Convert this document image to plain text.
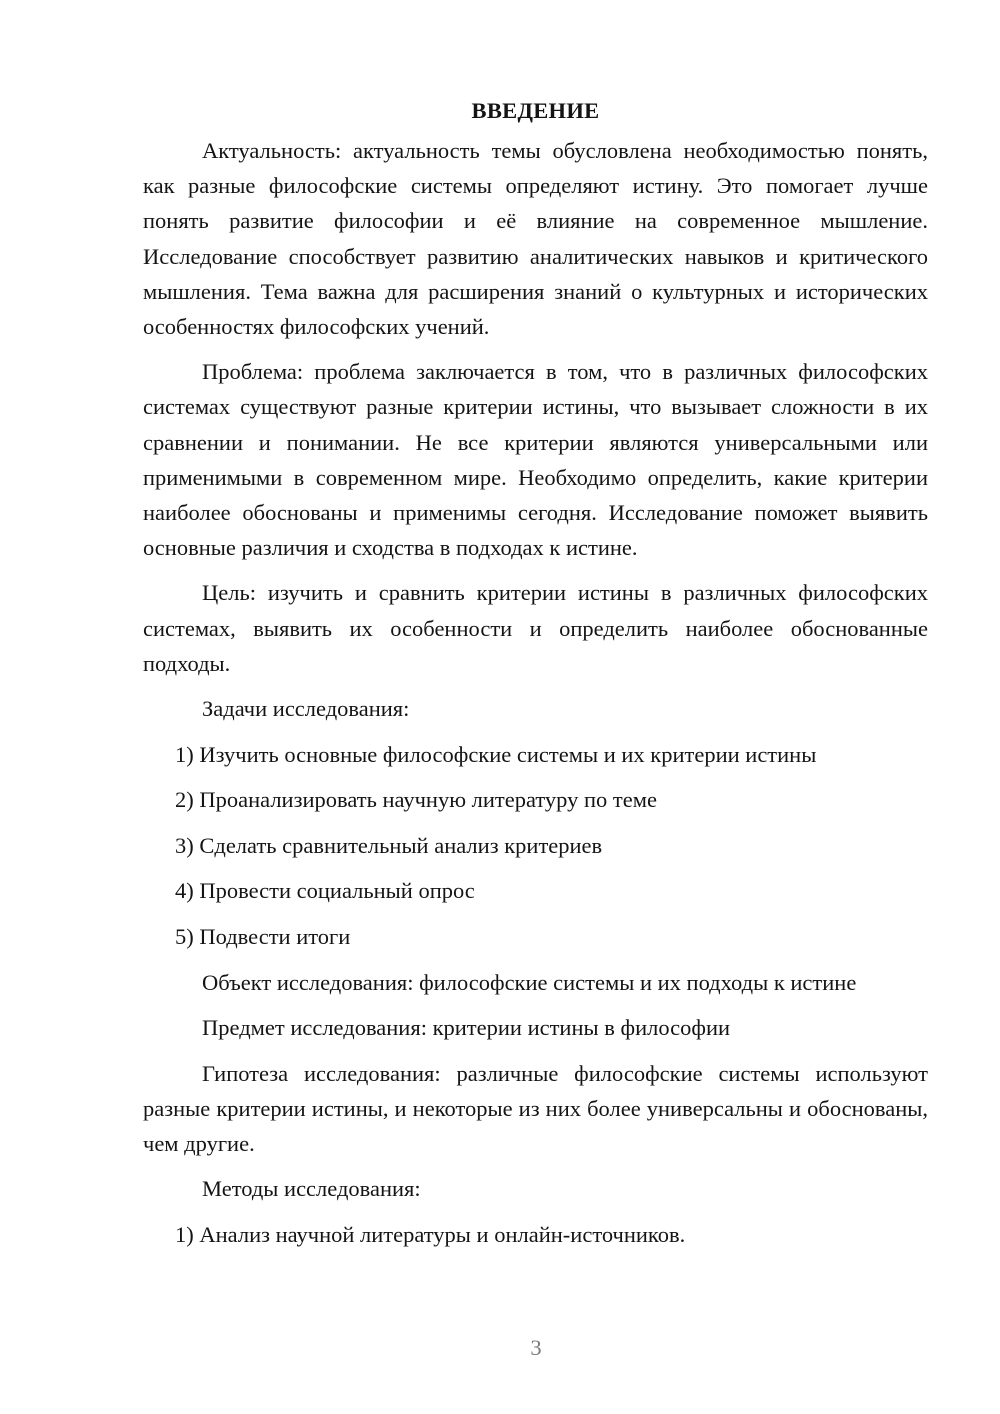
ВВЕДЕНИЕ

Актуальность: актуальность темы обусловлена необходимостью понять, как разные философские системы определяют истину. Это помогает лучше понять развитие философии и её влияние на современное мышление. Исследование способствует развитию аналитических навыков и критического мышления. Тема важна для расширения знаний о культурных и исторических особенностях философских учений.

Проблема: проблема заключается в том, что в различных философских системах существуют разные критерии истины, что вызывает сложности в их сравнении и понимании. Не все критерии являются универсальными или применимыми в современном мире. Необходимо определить, какие критерии наиболее обоснованы и применимы сегодня. Исследование поможет выявить основные различия и сходства в подходах к истине.

Цель: изучить и сравнить критерии истины в различных философских системах, выявить их особенности и определить наиболее обоснованные подходы.

Задачи исследования:
1) Изучить основные философские системы и их критерии истины
2) Проанализировать научную литературу по теме
3) Сделать сравнительный анализ критериев
4) Провести социальный опрос
5) Подвести итоги
Объект исследования: философские системы и их подходы к истине
Предмет исследования: критерии истины в философии

Гипотеза исследования: различные философские системы используют разные критерии истины, и некоторые из них более универсальны и обоснованы, чем другие.

Методы исследования:
1) Анализ научной литературы и онлайн-источников.
3
